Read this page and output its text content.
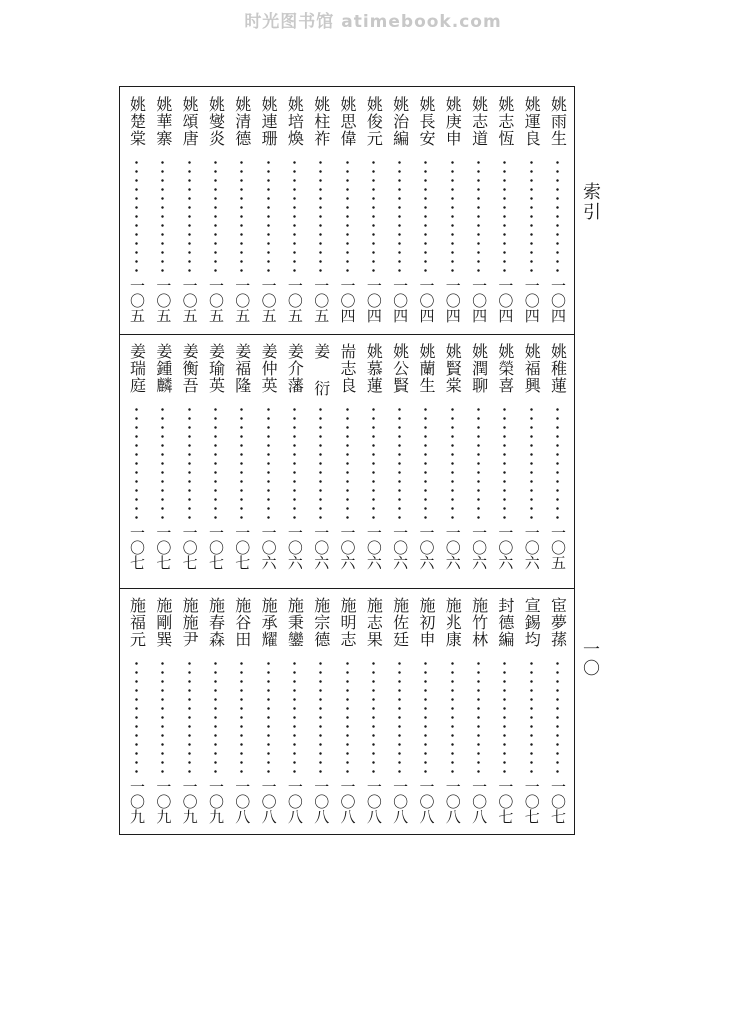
时光图书馆 atimebook.com
索引
一〇
姚雨生
一〇四
姚運良
一〇四
姚志恆
一〇四
姚志道
一〇四
姚庚申
一〇四
姚長安
一〇四
姚治編
一〇四
姚俊元
一〇四
姚思偉
一〇四
姚柱祚
一〇五
姚培煥
一〇五
姚連珊
一〇五
姚清德
一〇五
姚燮炎
一〇五
姚頌唐
一〇五
姚華寨
一〇五
姚楚棠
一〇五
姚稚蓮
一〇五
姚福興
一〇六
姚榮喜
一〇六
姚潤聊
一〇六
姚賢棠
一〇六
姚蘭生
一〇六
姚公賢
一〇六
姚慕蓮
一〇六
耑志良
一〇六
姜 衍
一〇六
姜介藩
一〇六
姜仲英
一〇六
姜福隆
一〇七
姜瑜英
一〇七
姜衡吾
一〇七
姜鍾麟
一〇七
姜瑞庭
一〇七
宦夢蓀
一〇七
宣錫均
一〇七
封德編
一〇七
施竹林
一〇八
施兆康
一〇八
施初申
一〇八
施佐廷
一〇八
施志果
一〇八
施明志
一〇八
施宗德
一〇八
施秉鑾
一〇八
施承耀
一〇八
施谷田
一〇八
施春森
一〇九
施施尹
一〇九
施剛巽
一〇九
施福元
一〇九
